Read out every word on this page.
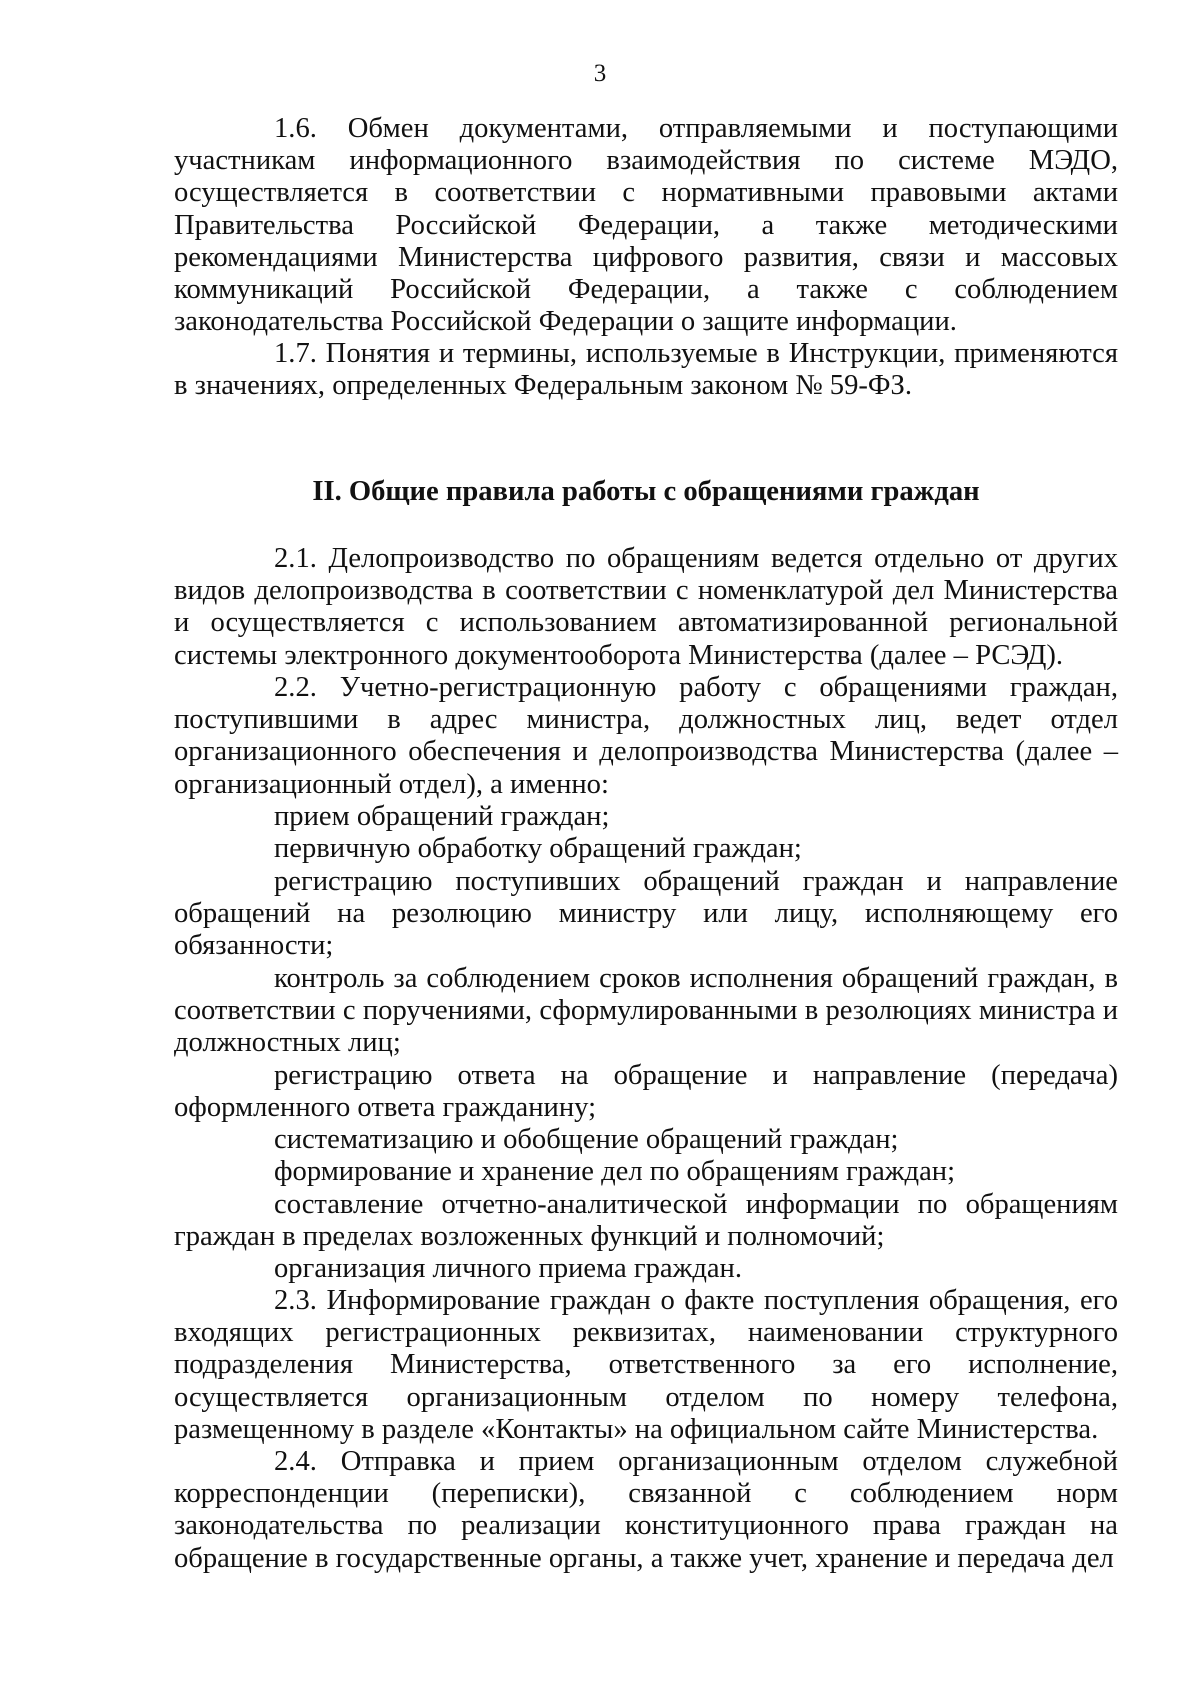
3

1.6. Обмен документами, отправляемыми и поступающими участникам информационного взаимодействия по системе МЭДО, осуществляется в соответствии с нормативными правовыми актами Правительства Российской Федерации, а также методическими рекомендациями Министерства цифрового развития, связи и массовых коммуникаций Российской Федерации, а также с соблюдением законодательства Российской Федерации о защите информации.

1.7. Понятия и термины, используемые в Инструкции, применяются в значениях, определенных Федеральным законом № 59-ФЗ.

II. Общие правила работы с обращениями граждан

2.1. Делопроизводство по обращениям ведется отдельно от других видов делопроизводства в соответствии с номенклатурой дел Министерства и осуществляется с использованием автоматизированной региональной системы электронного документооборота Министерства (далее – РСЭД).

2.2. Учетно-регистрационную работу с обращениями граждан, поступившими в адрес министра, должностных лиц, ведет отдел организационного обеспечения и делопроизводства Министерства (далее – организационный отдел), а именно:

прием обращений граждан;

первичную обработку обращений граждан;

регистрацию поступивших обращений граждан и направление обращений на резолюцию министру или лицу, исполняющему его обязанности;

контроль за соблюдением сроков исполнения обращений граждан, в соответствии с поручениями, сформулированными в резолюциях министра и должностных лиц;

регистрацию ответа на обращение и направление (передача) оформленного ответа гражданину;

систематизацию и обобщение обращений граждан;

формирование и хранение дел по обращениям граждан;

составление отчетно-аналитической информации по обращениям граждан в пределах возложенных функций и полномочий;

организация личного приема граждан.

2.3. Информирование граждан о факте поступления обращения, его входящих регистрационных реквизитах, наименовании структурного подразделения Министерства, ответственного за его исполнение, осуществляется организационным отделом по номеру телефона, размещенному в разделе «Контакты» на официальном сайте Министерства.

2.4. Отправка и прием организационным отделом служебной корреспонденции (переписки), связанной с соблюдением норм законодательства по реализации конституционного права граждан на обращение в государственные органы, а также учет, хранение и передача дел
